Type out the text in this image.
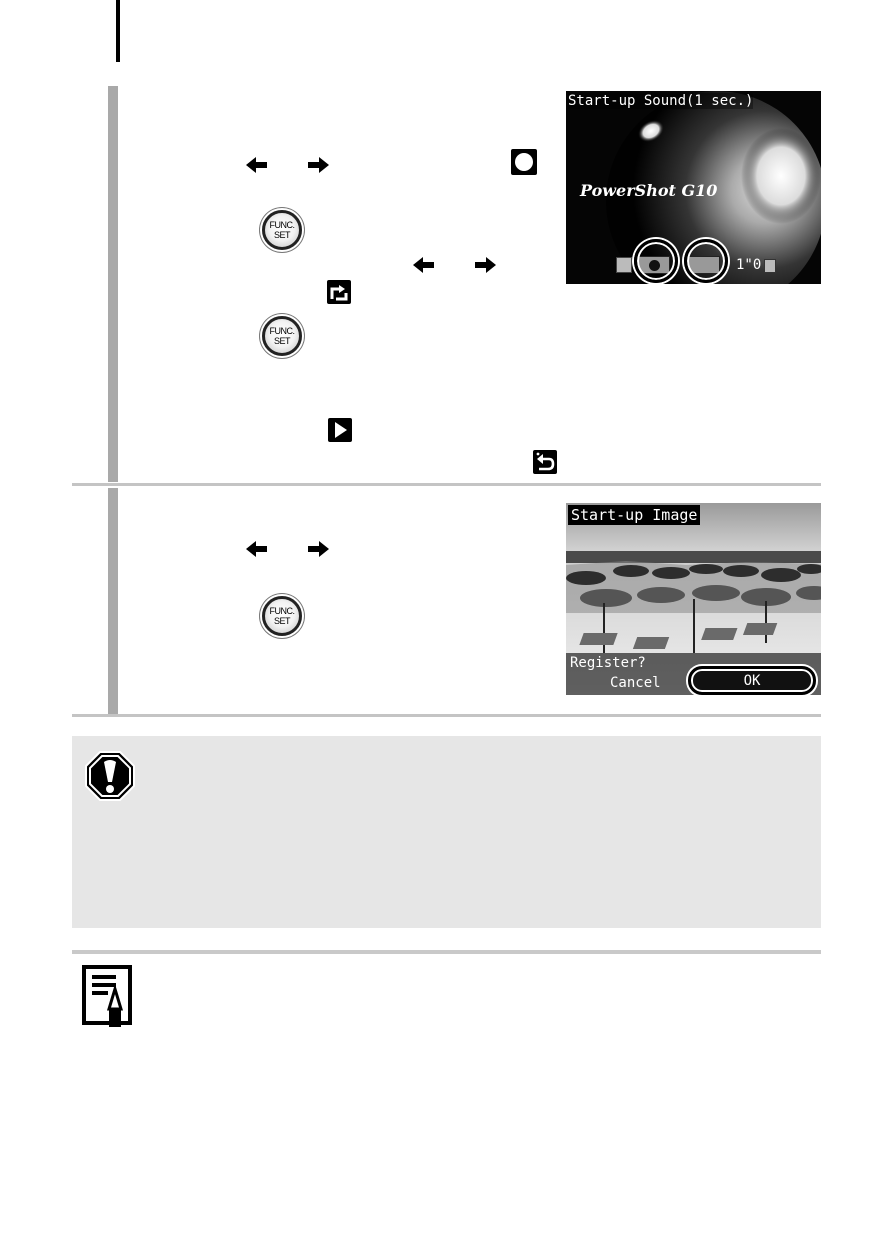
FUNC.
SET
FUNC.
SET
Start-up Sound(1 sec.)
PowerShot G10
1"0
FUNC.
SET
Start-up Image
Register?
Cancel	OK
